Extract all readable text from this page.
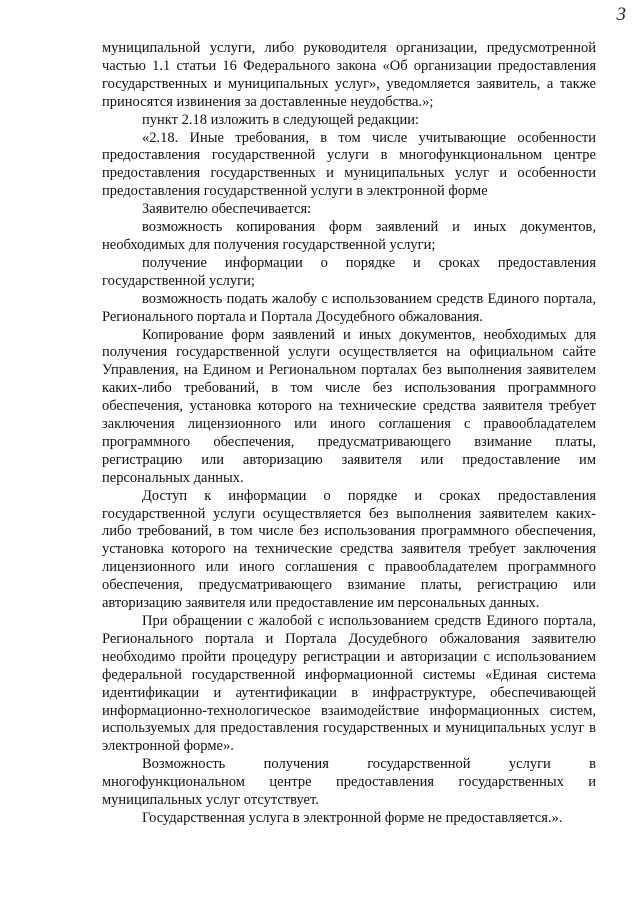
3

муниципальной услуги, либо руководителя организации, предусмотренной частью 1.1 статьи 16 Федерального закона «Об организации предоставления государственных и муниципальных услуг», уведомляется заявитель, а также приносятся извинения за доставленные неудобства.»;

пункт 2.18 изложить в следующей редакции:

«2.18. Иные требования, в том числе учитывающие особенности предоставления государственной услуги в многофункциональном центре предоставления государственных и муниципальных услуг и особенности предоставления государственной услуги в электронной форме

Заявителю обеспечивается:

возможность копирования форм заявлений и иных документов, необходимых для получения государственной услуги;

получение информации о порядке и сроках предоставления государственной услуги;

возможность подать жалобу с использованием средств Единого портала, Регионального портала и Портала Досудебного обжалования.

Копирование форм заявлений и иных документов, необходимых для получения государственной услуги осуществляется на официальном сайте Управления, на Едином и Региональном порталах без выполнения заявителем каких-либо требований, в том числе без использования программного обеспечения, установка которого на технические средства заявителя требует заключения лицензионного или иного соглашения с правообладателем программного обеспечения, предусматривающего взимание платы, регистрацию или авторизацию заявителя или предоставление им персональных данных.

Доступ к информации о порядке и сроках предоставления государственной услуги осуществляется без выполнения заявителем каких-либо требований, в том числе без использования программного обеспечения, установка которого на технические средства заявителя требует заключения лицензионного или иного соглашения с правообладателем программного обеспечения, предусматривающего взимание платы, регистрацию или авторизацию заявителя или предоставление им персональных данных.

При обращении с жалобой с использованием средств Единого портала, Регионального портала и Портала Досудебного обжалования заявителю необходимо пройти процедуру регистрации и авторизации с использованием федеральной государственной информационной системы «Единая система идентификации и аутентификации в инфраструктуре, обеспечивающей информационно-технологическое взаимодействие информационных систем, используемых для предоставления государственных и муниципальных услуг в электронной форме».

Возможность получения государственной услуги в многофункциональном центре предоставления государственных и муниципальных услуг отсутствует.

Государственная услуга в электронной форме не предоставляется.».
